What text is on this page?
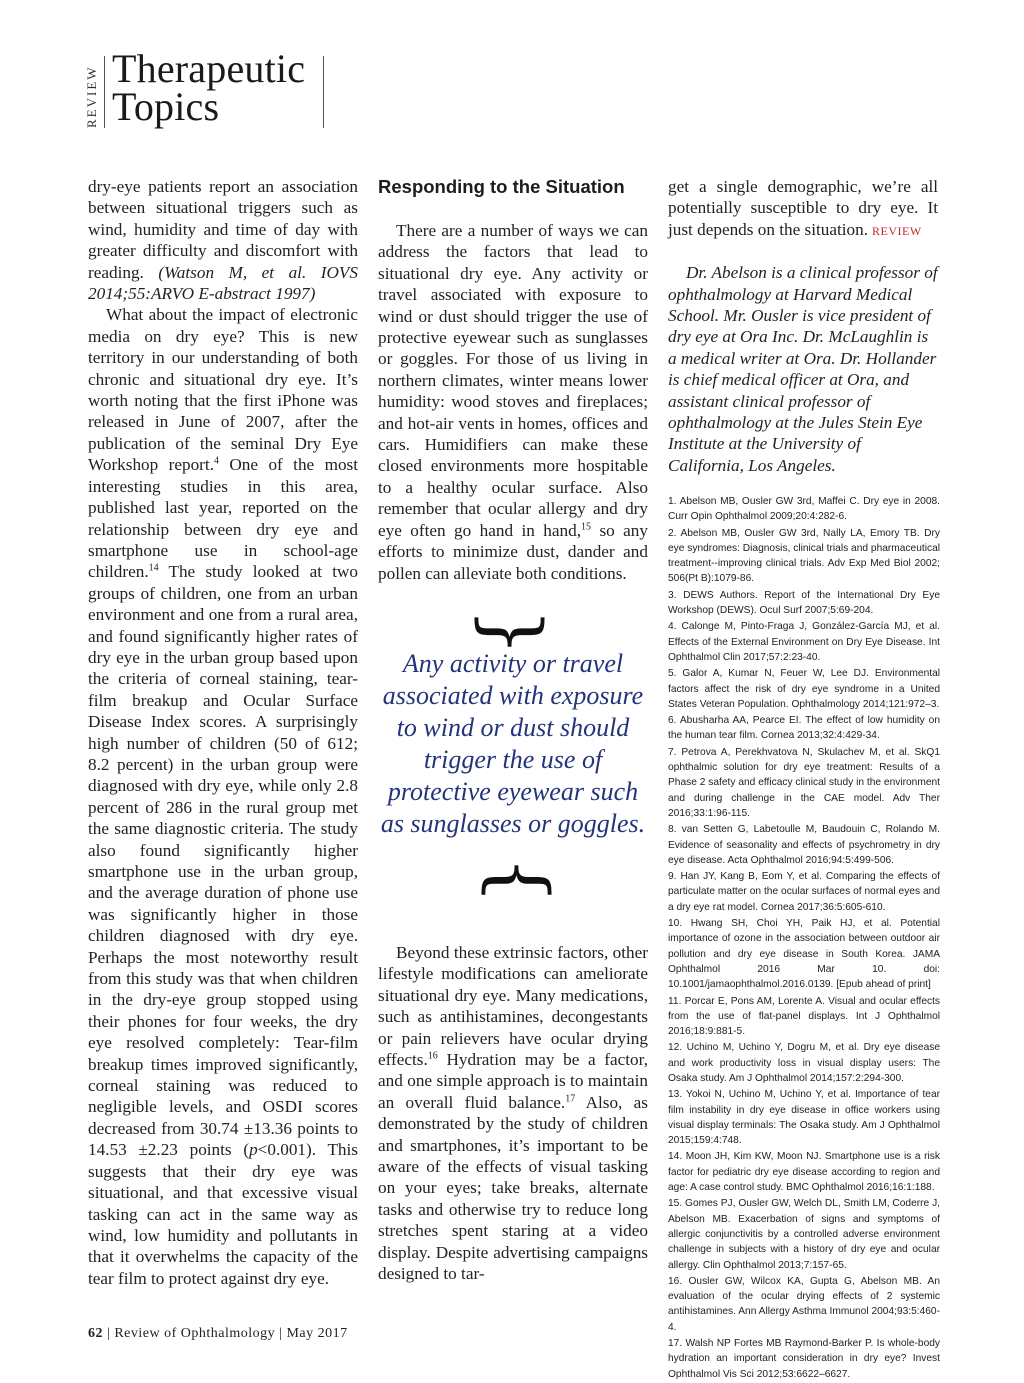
REVIEW Therapeutic
Topics

dry-eye patients report an association between situational triggers such as wind, humidity and time of day with greater difficulty and discomfort with reading. (Watson M, et al. IOVS 2014;55:ARVO E-abstract 1997)

What about the impact of electronic media on dry eye? This is new territory in our understanding of both chronic and situational dry eye. It’s worth noting that the first iPhone was released in June of 2007, after the publication of the seminal Dry Eye Workshop report.$^4$ One of the most interesting studies in this area, published last year, reported on the relationship between dry eye and smartphone use in school-age children.$^{14}$ The study looked at two groups of children, one from an urban environment and one from a rural area, and found significantly higher rates of dry eye in the urban group based upon the criteria of corneal staining, tear-film breakup and Ocular Surface Disease Index scores. A surprisingly high number of children (50 of 612; 8.2 percent) in the urban group were diagnosed with dry eye, while only 2.8 percent of 286 in the rural group met the same diagnostic criteria. The study also found significantly higher smartphone use in the urban group, and the average duration of phone use was significantly higher in those children diagnosed with dry eye. Perhaps the most noteworthy result from this study was that when children in the dry-eye group stopped using their phones for four weeks, the dry eye resolved completely: Tear-film breakup times improved significantly, corneal staining was reduced to negligible levels, and OSDI scores decreased from 30.74 ±13.36 points to 14.53 ±2.23 points (p<0.001). This suggests that their dry eye was situational, and that excessive visual tasking can act in the same way as wind, low humidity and pollutants in that it overwhelms the capacity of the tear film to protect against dry eye.

Responding to the Situation

There are a number of ways we can address the factors that lead to situational dry eye. Any activity or travel associated with exposure to wind or dust should trigger the use of protective eyewear such as sunglasses or goggles. For those of us living in northern climates, winter means lower humidity: wood stoves and fireplaces; and hot-air vents in homes, offices and cars. Humidifiers can make these closed environments more hospitable to a healthy ocular surface. Also remember that ocular allergy and dry eye often go hand in hand,$^{15}$ so any efforts to minimize dust, dander and pollen can alleviate both conditions.

}
Any activity or travel associated with exposure to wind or dust should trigger the use of protective eyewear such as sunglasses or goggles.
}

Beyond these extrinsic factors, other lifestyle modifications can ameliorate situational dry eye. Many medications, such as antihistamines, decongestants or pain relievers have ocular drying effects.$^{16}$ Hydration may be a factor, and one simple approach is to maintain an overall fluid balance.$^{17}$ Also, as demonstrated by the study of children and smartphones, it’s important to be aware of the effects of visual tasking on your eyes; take breaks, alternate tasks and otherwise try to reduce long stretches spent staring at a video display. Despite advertising campaigns designed to tar-

get a single demographic, we’re all potentially susceptible to dry eye. It just depends on the situation. REVIEW

Dr. Abelson is a clinical professor of ophthalmology at Harvard Medical School. Mr. Ousler is vice president of dry eye at Ora Inc. Dr. McLaughlin is a medical writer at Ora. Dr. Hollander is chief medical officer at Ora, and assistant clinical professor of ophthalmology at the Jules Stein Eye Institute at the University of California, Los Angeles.

1. Abelson MB, Ousler GW 3rd, Maffei C. Dry eye in 2008. Curr Opin Ophthalmol 2009;20:4:282-6.
2. Abelson MB, Ousler GW 3rd, Nally LA, Emory TB. Dry eye syndromes: Diagnosis, clinical trials and pharmaceutical treatment--improving clinical trials. Adv Exp Med Biol 2002; 506(Pt B):1079-86.
3. DEWS Authors. Report of the International Dry Eye Workshop (DEWS). Ocul Surf 2007;5:69-204.
4. Calonge M, Pinto-Fraga J, González-García MJ, et al. Effects of the External Environment on Dry Eye Disease. Int Ophthalmol Clin 2017;57:2:23-40.
5. Galor A, Kumar N, Feuer W, Lee DJ. Environmental factors affect the risk of dry eye syndrome in a United States Veteran Population. Ophthalmology 2014;121:972–3.
6. Abusharha AA, Pearce EI. The effect of low humidity on the human tear film. Cornea 2013;32:4:429-34.
7. Petrova A, Perekhvatova N, Skulachev M, et al. SkQ1 ophthalmic solution for dry eye treatment: Results of a Phase 2 safety and efficacy clinical study in the environment and during challenge in the CAE model. Adv Ther 2016;33:1:96-115.
8. van Setten G, Labetoulle M, Baudouin C, Rolando M. Evidence of seasonality and effects of psychrometry in dry eye disease. Acta Ophthalmol 2016;94:5:499-506.
9. Han JY, Kang B, Eom Y, et al. Comparing the effects of particulate matter on the ocular surfaces of normal eyes and a dry eye rat model. Cornea 2017;36:5:605-610.
10. Hwang SH, Choi YH, Paik HJ, et al. Potential importance of ozone in the association between outdoor air pollution and dry eye disease in South Korea. JAMA Ophthalmol 2016 Mar 10. doi: 10.1001/jamaophthalmol.2016.0139. [Epub ahead of print]
11. Porcar E, Pons AM, Lorente A. Visual and ocular effects from the use of flat-panel displays. Int J Ophthalmol 2016;18:9:881-5.
12. Uchino M, Uchino Y, Dogru M, et al. Dry eye disease and work productivity loss in visual display users: The Osaka study. Am J Ophthalmol 2014;157:2:294-300.
13. Yokoi N, Uchino M, Uchino Y, et al. Importance of tear film instability in dry eye disease in office workers using visual display terminals: The Osaka study. Am J Ophthalmol 2015;159:4:748.
14. Moon JH, Kim KW, Moon NJ. Smartphone use is a risk factor for pediatric dry eye disease according to region and age: A case control study. BMC Ophthalmol 2016;16:1:188.
15. Gomes PJ, Ousler GW, Welch DL, Smith LM, Coderre J, Abelson MB. Exacerbation of signs and symptoms of allergic conjunctivitis by a controlled adverse environment challenge in subjects with a history of dry eye and ocular allergy. Clin Ophthalmol 2013;7:157-65.
16. Ousler GW, Wilcox KA, Gupta G, Abelson MB. An evaluation of the ocular drying effects of 2 systemic antihistamines. Ann Allergy Asthma Immunol 2004;93:5:460-4.
17. Walsh NP Fortes MB Raymond-Barker P. Is whole-body hydration an important consideration in dry eye? Invest Ophthalmol Vis Sci 2012;53:6622–6627.
62 | Review of Ophthalmology | May 2017
